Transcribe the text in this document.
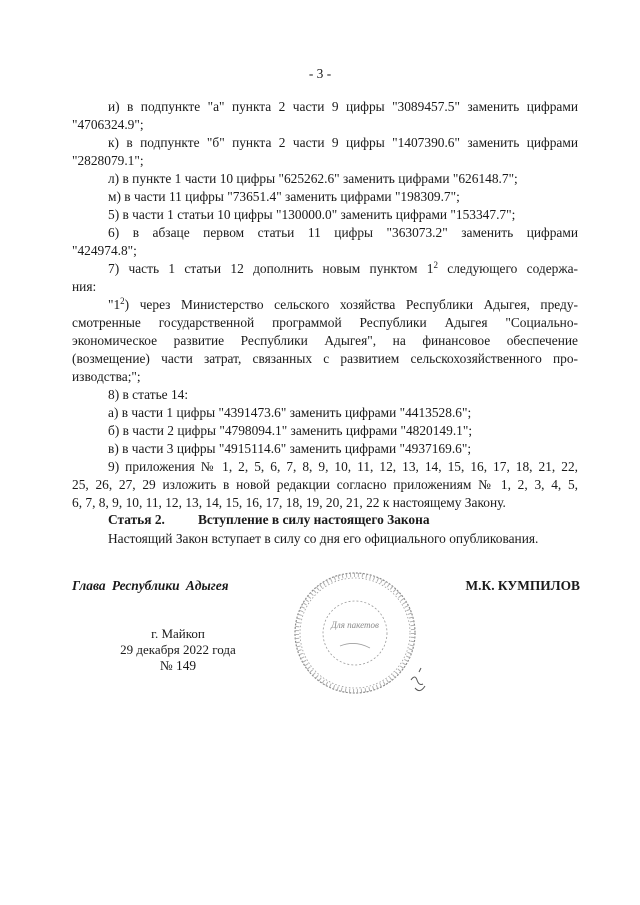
- 3 -
и) в подпункте "а" пункта 2 части 9 цифры "3089457.5" заменить цифрами
"4706324.9";
к) в подпункте "б" пункта 2 части 9 цифры "1407390.6" заменить цифрами
"2828079.1";
л) в пункте 1 части 10 цифры "625262.6" заменить цифрами "626148.7";
м) в части 11 цифры "73651.4" заменить цифрами "198309.7";
5) в части 1 статьи 10 цифры "130000.0" заменить цифрами "153347.7";
6) в абзаце первом статьи 11 цифры "363073.2" заменить цифрами
"424974.8";
7) часть 1 статьи 12 дополнить новым пунктом $1^2$ следующего содержа-
ния:
"$1^2$) через Министерство сельского хозяйства Республики Адыгея, преду-
смотренные государственной программой Республики Адыгея "Социально-
экономическое развитие Республики Адыгея", на финансовое обеспечение
(возмещение) части затрат, связанных с развитием сельскохозяйственного про-
изводства;";
8) в статье 14:
а) в части 1 цифры "4391473.6" заменить цифрами "4413528.6";
б) в части 2 цифры "4798094.1" заменить цифрами "4820149.1";
в) в части 3 цифры "4915114.6" заменить цифрами "4937169.6";
9) приложения № 1, 2, 5, 6, 7, 8, 9, 10, 11, 12, 13, 14, 15, 16, 17, 18, 21, 22,
25, 26, 27, 29 изложить в новой редакции согласно приложениям № 1, 2, 3, 4, 5,
6, 7, 8, 9, 10, 11, 12, 13, 14, 15, 16, 17, 18, 19, 20, 21, 22 к настоящему Закону.
Статья 2. Вступление в силу настоящего Закона
Настоящий Закон вступает в силу со дня его официального опубликования.
Глава Республики Адыгея	М.К. КУМПИЛОВ
г. Майкоп
29 декабря 2022 года
№ 149
Для пакетов
